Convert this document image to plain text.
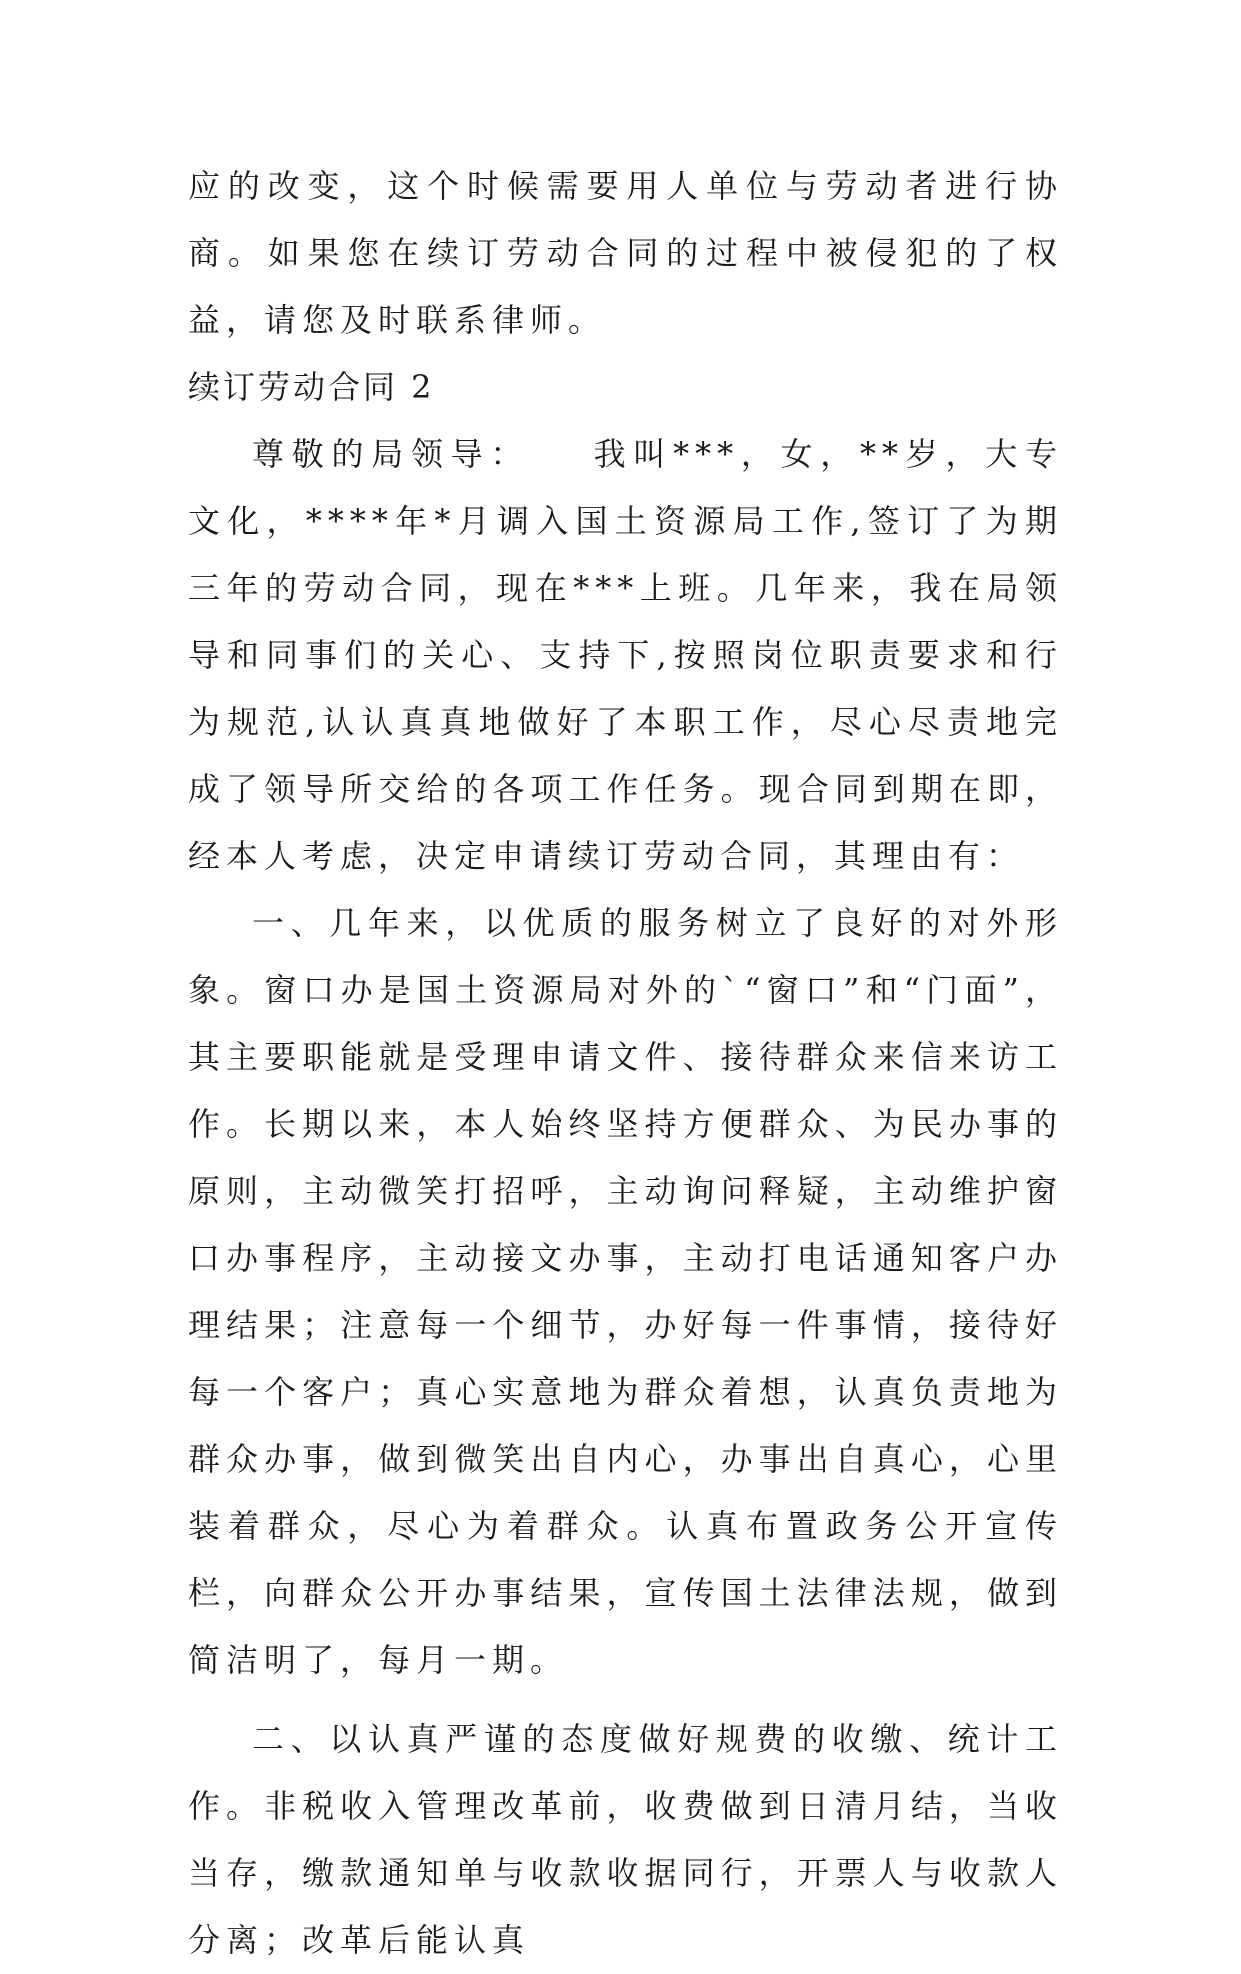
应的改变，这个时候需要用人单位与劳动者进行协商。如果您在续订劳动合同的过程中被侵犯的了权益，请您及时联系律师。

续订劳动合同 2

尊敬的局领导：　　我叫***，女，**岁，大专文化，****年*月调入国土资源局工作,签订了为期三年的劳动合同，现在***上班。几年来，我在局领导和同事们的关心、支持下,按照岗位职责要求和行为规范,认认真真地做好了本职工作，尽心尽责地完成了领导所交给的各项工作任务。现合同到期在即，经本人考虑，决定申请续订劳动合同，其理由有：

一、几年来，以优质的服务树立了良好的对外形象。窗口办是国土资源局对外的`“窗口”和“门面”，其主要职能就是受理申请文件、接待群众来信来访工作。长期以来，本人始终坚持方便群众、为民办事的原则，主动微笑打招呼，主动询问释疑，主动维护窗口办事程序，主动接文办事，主动打电话通知客户办理结果；注意每一个细节，办好每一件事情，接待好每一个客户；真心实意地为群众着想，认真负责地为群众办事，做到微笑出自内心，办事出自真心，心里装着群众，尽心为着群众。认真布置政务公开宣传栏，向群众公开办事结果，宣传国土法律法规，做到简洁明了，每月一期。

二、以认真严谨的态度做好规费的收缴、统计工作。非税收入管理改革前，收费做到日清月结，当收当存，缴款通知单与收款收据同行，开票人与收款人分离；改革后能认真
